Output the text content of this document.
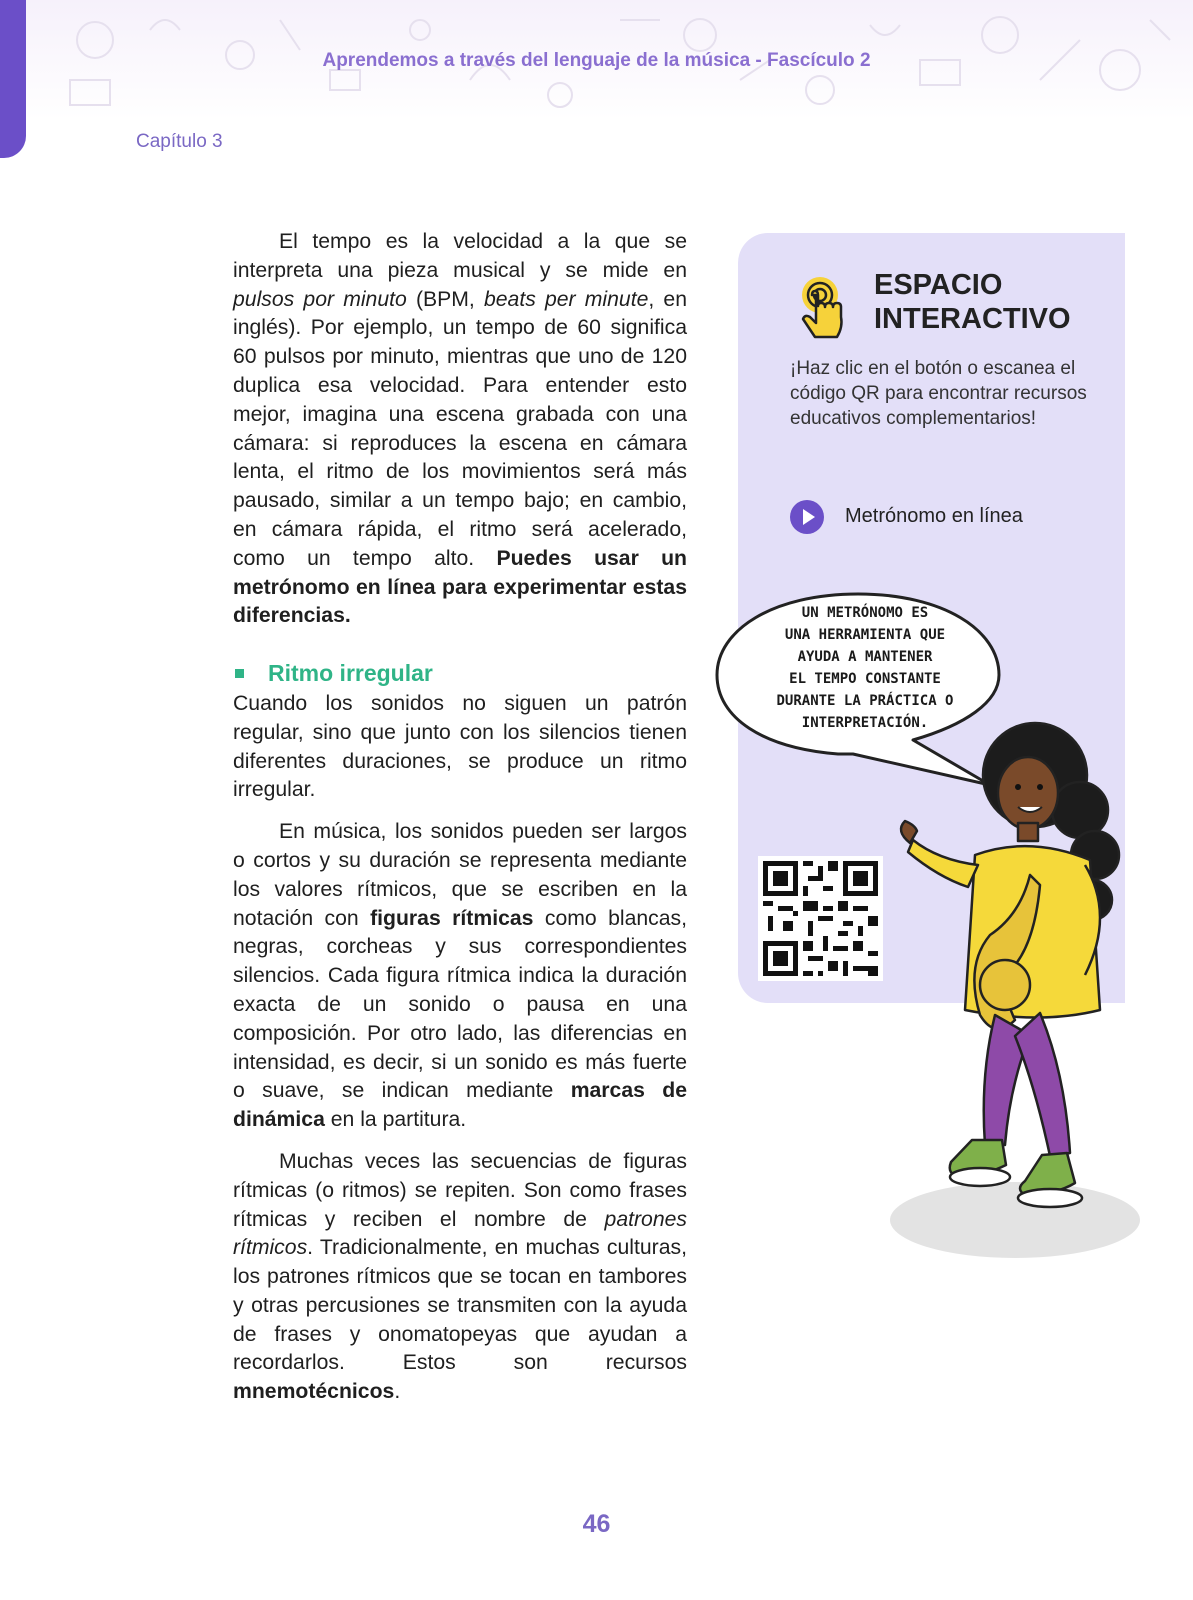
Aprendemos a través del lenguaje de la música - Fascículo 2
Capítulo 3

El tempo es la velocidad a la que se interpreta una pieza musical y se mide en pulsos por minuto (BPM, beats per minute, en inglés). Por ejemplo, un tempo de 60 significa 60 pulsos por minuto, mientras que uno de 120 duplica esa velocidad. Para entender esto mejor, imagina una escena grabada con una cámara: si reproduces la escena en cámara lenta, el ritmo de los movimientos será más pausado, similar a un tempo bajo; en cambio, en cámara rápida, el ritmo será acelerado, como un tempo alto. Puedes usar un metrónomo en línea para experimentar estas diferencias.

Ritmo irregular

Cuando los sonidos no siguen un patrón regular, sino que junto con los silencios tienen diferentes duraciones, se produce un ritmo irregular.

En música, los sonidos pueden ser largos o cortos y su duración se representa mediante los valores rítmicos, que se escriben en la notación con figuras rítmicas como blancas, negras, corcheas y sus correspondientes silencios. Cada figura rítmica indica la duración exacta de un sonido o pausa en una composición. Por otro lado, las diferencias en intensidad, es decir, si un sonido es más fuerte o suave, se indican mediante marcas de dinámica en la partitura.

Muchas veces las secuencias de figuras rítmicas (o ritmos) se repiten. Son como frases rítmicas y reciben el nombre de patrones rítmicos. Tradicionalmente, en muchas culturas, los patrones rítmicos que se tocan en tambores y otras percusiones se transmiten con la ayuda de frases y onomatopeyas que ayudan a recordarlos. Estos son recursos mnemotécnicos.

ESPACIO
INTERACTIVO
¡Haz clic en el botón o escanea el código QR para encontrar recursos educativos complementarios!
Metrónomo en línea
UN METRÓNOMO ES
UNA HERRAMIENTA QUE
AYUDA A MANTENER
EL TEMPO CONSTANTE
DURANTE LA PRÁCTICA O
INTERPRETACIÓN.
46
